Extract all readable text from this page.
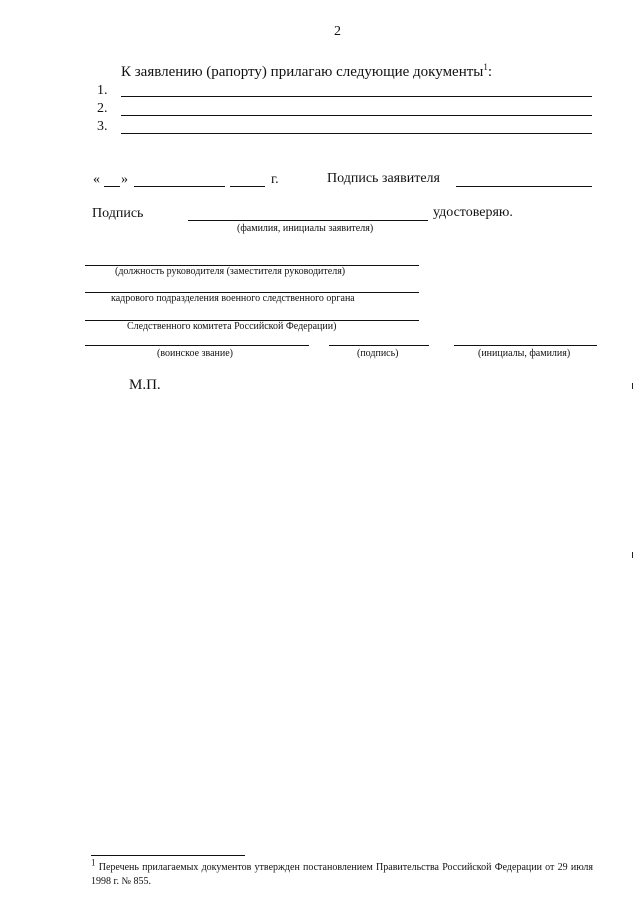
2
К заявлению (рапорту) прилагаю следующие документы$^1$:
1.
2.
3.
« »	г.	Подпись заявителя
Подпись	удостоверяю.
(фамилия, инициалы заявителя)
(должность руководителя (заместителя руководителя)
кадрового подразделения военного следственного органа
Следственного комитета Российской Федерации)
(воинское звание)	(подпись)	(инициалы, фамилия)
М.П.
$^1$ Перечень прилагаемых документов утвержден постановлением Правительства Российской Федерации от 29 июля 1998 г. № 855.
